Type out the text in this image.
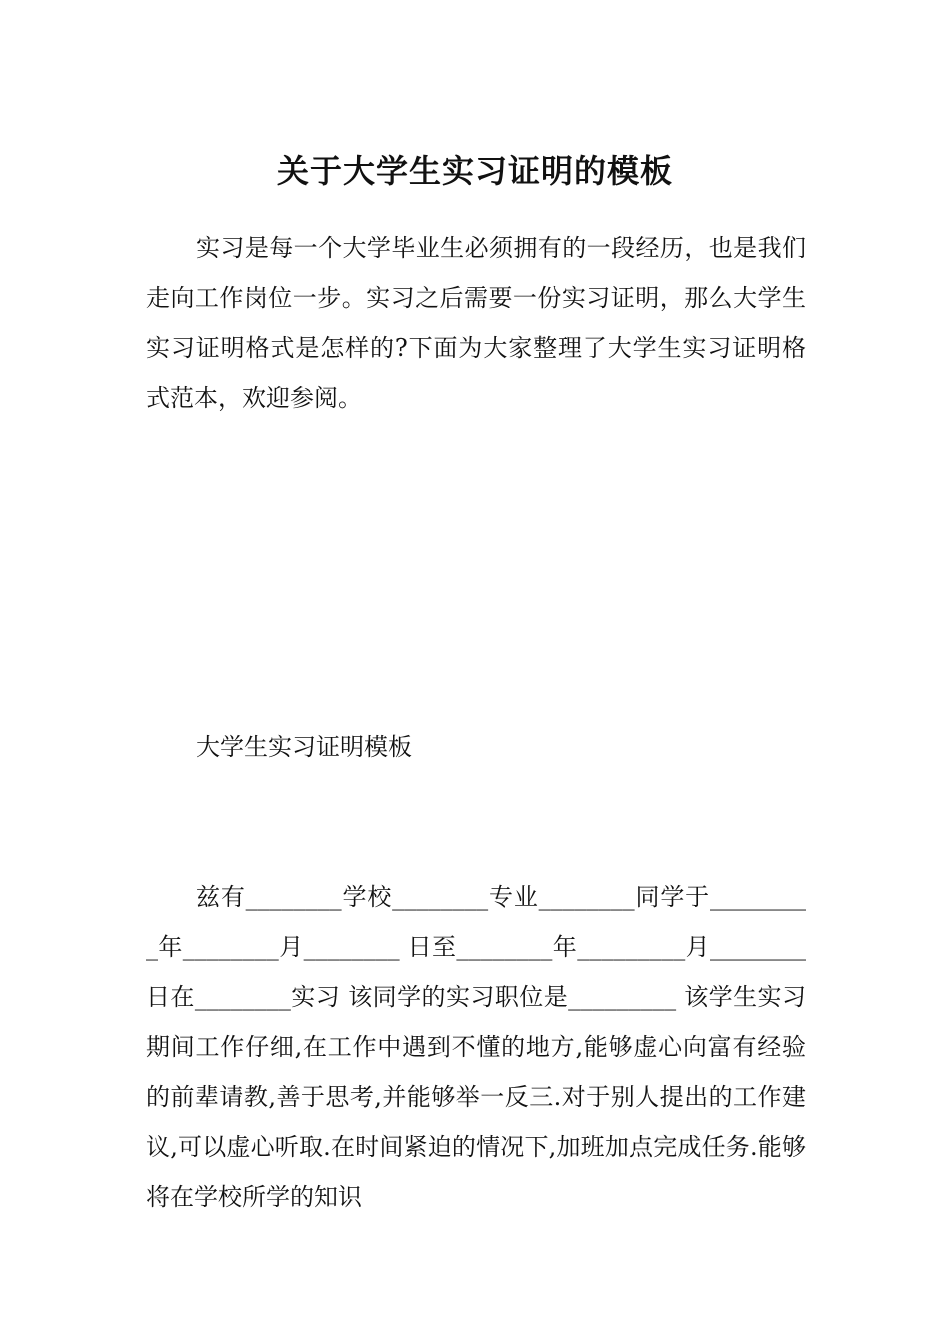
关于大学生实习证明的模板

实习是每一个大学毕业生必须拥有的一段经历，也是我们走向工作岗位一步。实习之后需要一份实习证明，那么大学生实习证明格式是怎样的?下面为大家整理了大学生实习证明格式范本，欢迎参阅。

大学生实习证明模板

兹有________学校________专业________同学于_________年________月________ 日至________年_________月________日在________实习 该同学的实习职位是_________ 该学生实习期间工作仔细,在工作中遇到不懂的地方,能够虚心向富有经验的前辈请教,善于思考,并能够举一反三.对于别人提出的工作建议,可以虚心听取.在时间紧迫的情况下,加班加点完成任务.能够将在学校所学的知识
